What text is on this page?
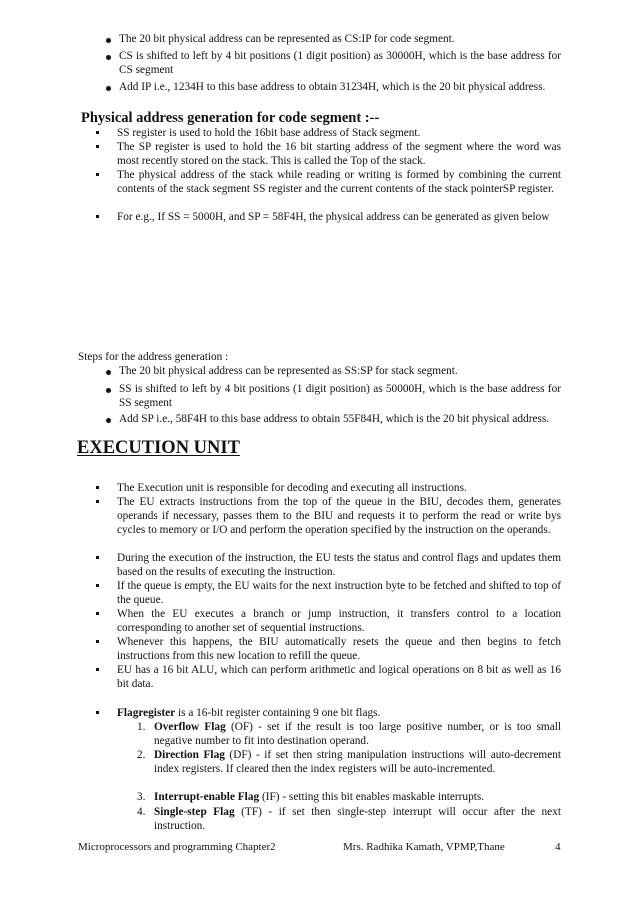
The 20 bit physical address can be represented as CS:IP for code segment.

CS is shifted to left by 4 bit positions (1 digit position) as 30000H, which is the base address for CS segment

Add IP i.e., 1234H to this base address to obtain 31234H, which is the 20 bit physical address.

Physical address generation for code segment :--

SS register is used to hold the 16bit base address of Stack segment.

The SP register is used to hold the 16 bit starting address of the segment where the word was most recently stored on the stack. This is called the Top of the stack.

The physical address of the stack while reading or writing is formed by combining the current contents of the stack segment SS register and the current contents of the stack pointerSP register.

For e.g., If SS = 5000H, and SP = 58F4H, the physical address can be generated as given below

Steps for the address generation :

The 20 bit physical address can be represented as SS:SP for stack segment.

SS is shifted to left by 4 bit positions (1 digit position) as 50000H, which is the base address for SS segment

Add SP i.e., 58F4H to this base address to obtain 55F84H, which is the 20 bit physical address.

EXECUTION UNIT

The Execution unit is responsible for decoding and executing all instructions.

The EU extracts instructions from the top of the queue in the BIU, decodes them, generates operands if necessary, passes them to the BIU and requests it to perform the read or write bys cycles to memory or I/O and perform the operation specified by the instruction on the operands.

During the execution of the instruction, the EU tests the status and control flags and updates them based on the results of executing the instruction.

If the queue is empty, the EU waits for the next instruction byte to be fetched and shifted to top of the queue.

When the EU executes a branch or jump instruction, it transfers control to a location corresponding to another set of sequential instructions.

Whenever this happens, the BIU automatically resets the queue and then begins to fetch instructions from this new location to refill the queue.

EU has a 16 bit ALU, which can perform arithmetic and logical operations on 8 bit as well as 16 bit data.

Flagregister is a 16-bit register containing 9 one bit flags.

1. Overflow Flag (OF) - set if the result is too large positive number, or is too small negative number to fit into destination operand.

2. Direction Flag (DF) - if set then string manipulation instructions will auto-decrement index registers. If cleared then the index registers will be auto-incremented.

3. Interrupt-enable Flag (IF) - setting this bit enables maskable interrupts.

4. Single-step Flag (TF) - if set then single-step interrupt will occur after the next instruction.

Microprocessors and programming Chapter2	Mrs. Radhika Kamath, VPMP,Thane	4
